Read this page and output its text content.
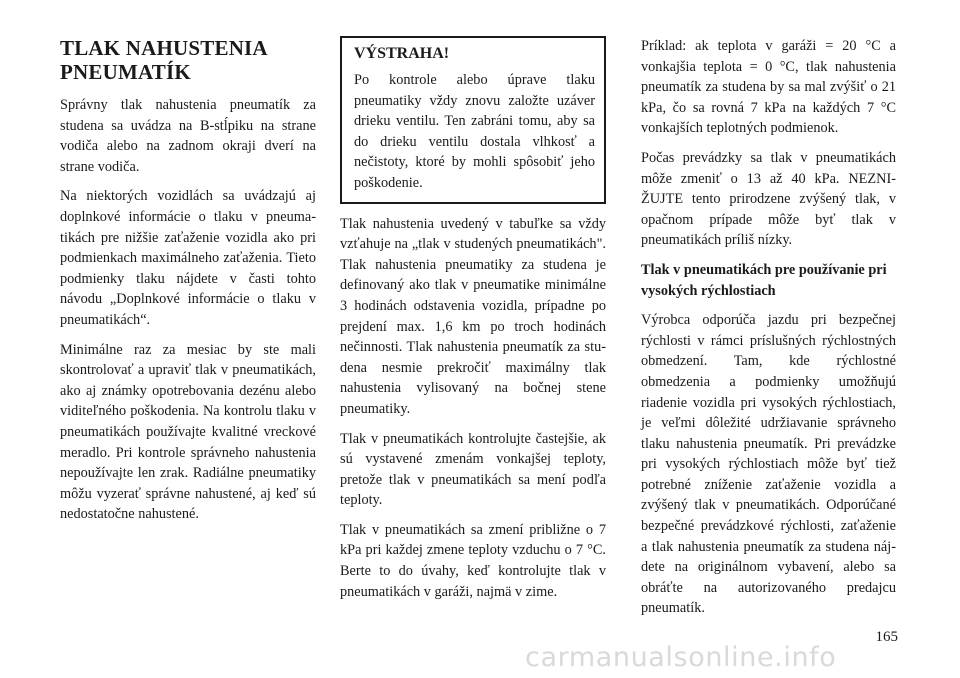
TLAK NAHUSTENIA PNEUMATÍK

Správny tlak nahustenia pneumatík za studena sa uvádza na B-stĺpiku na strane vodiča alebo na zadnom okraji dverí na strane vodiča.

Na niektorých vozidlách sa uvádzajú aj doplnkové informácie o tlaku v pneumatikách pre nižšie zaťaženie vozidla ako pri podmienkach maximálneho zaťaženia. Tieto podmienky tlaku nájdete v časti tohto návodu „Doplnkové informácie o tlaku v pneumatikách“.

Minimálne raz za mesiac by ste mali skontrolovať a upraviť tlak v pneumatikách, ako aj známky opotrebovania dezénu alebo viditeľného poškodenia. Na kontrolu tlaku v pneumatikách používajte kvalitné vreckové meradlo. Pri kontrole správneho nahustenia nepoužívajte len zrak. Radiálne pneumatiky môžu vyzerať správne nahustené, aj keď sú nedostatočne nahustené.

VÝSTRAHA!

Po kontrole alebo úprave tlaku pneumatiky vždy znovu založte uzáver drieku ventilu. Ten zabráni tomu, aby sa do drieku ventilu dostala vlhkosť a nečistoty, ktoré by mohli spôsobiť jeho poškodenie.

Tlak nahustenia uvedený v tabuľke sa vždy vzťahuje na „tlak v studených pneumatikách". Tlak nahustenia pneumatiky za studena je definovaný ako tlak v pneumatike minimálne 3 hodinách odstavenia vozidla, prípadne po prejdení max. 1,6 km po troch hodinách nečinnosti. Tlak nahustenia pneumatík za studena nesmie prekročiť maximálny tlak nahustenia vylisovaný na bočnej stene pneumatiky.

Tlak v pneumatikách kontrolujte častejšie, ak sú vystavené zmenám vonkajšej teploty, pretože tlak v pneumatikách sa mení podľa teploty.

Tlak v pneumatikách sa zmení približne o 7 kPa pri každej zmene teploty vzduchu o 7 °C. Berte to do úvahy, keď kontrolujte tlak v pneumatikách v garáži, najmä v zime.

Príklad: ak teplota v garáži = 20 °C a vonkajšia teplota = 0 °C, tlak nahustenia pneumatík za studena by sa mal zvýšiť o 21 kPa, čo sa rovná 7 kPa na každých 7 °C vonkajších teplotných podmienok.

Počas prevádzky sa tlak v pneumatikách môže zmeniť o 13 až 40 kPa. NEZNIŽUJTE tento prirodzene zvýšený tlak, v opačnom prípade môže byť tlak v pneumatikách príliš nízky.

Tlak v pneumatikách pre používanie pri vysokých rýchlostiach

Výrobca odporúča jazdu pri bezpečnej rýchlosti v rámci príslušných rýchlostných obmedzení. Tam, kde rýchlostné obmedzenia a podmienky umožňujú riadenie vozidla pri vysokých rýchlostiach, je veľmi dôležité udržiavanie správneho tlaku nahustenia pneumatík. Pri prevádzke pri vysokých rýchlostiach môže byť tiež potrebné zníženie zaťaženie vozidla a zvýšený tlak v pneumatikách. Odporúčané bezpečné prevádzkové rýchlosti, zaťaženie a tlak nahustenia pneumatík za studena nájdete na originálnom vybavení, alebo sa obráťte na autorizovaného predajcu pneumatík.

165
carmanualsonline.info
